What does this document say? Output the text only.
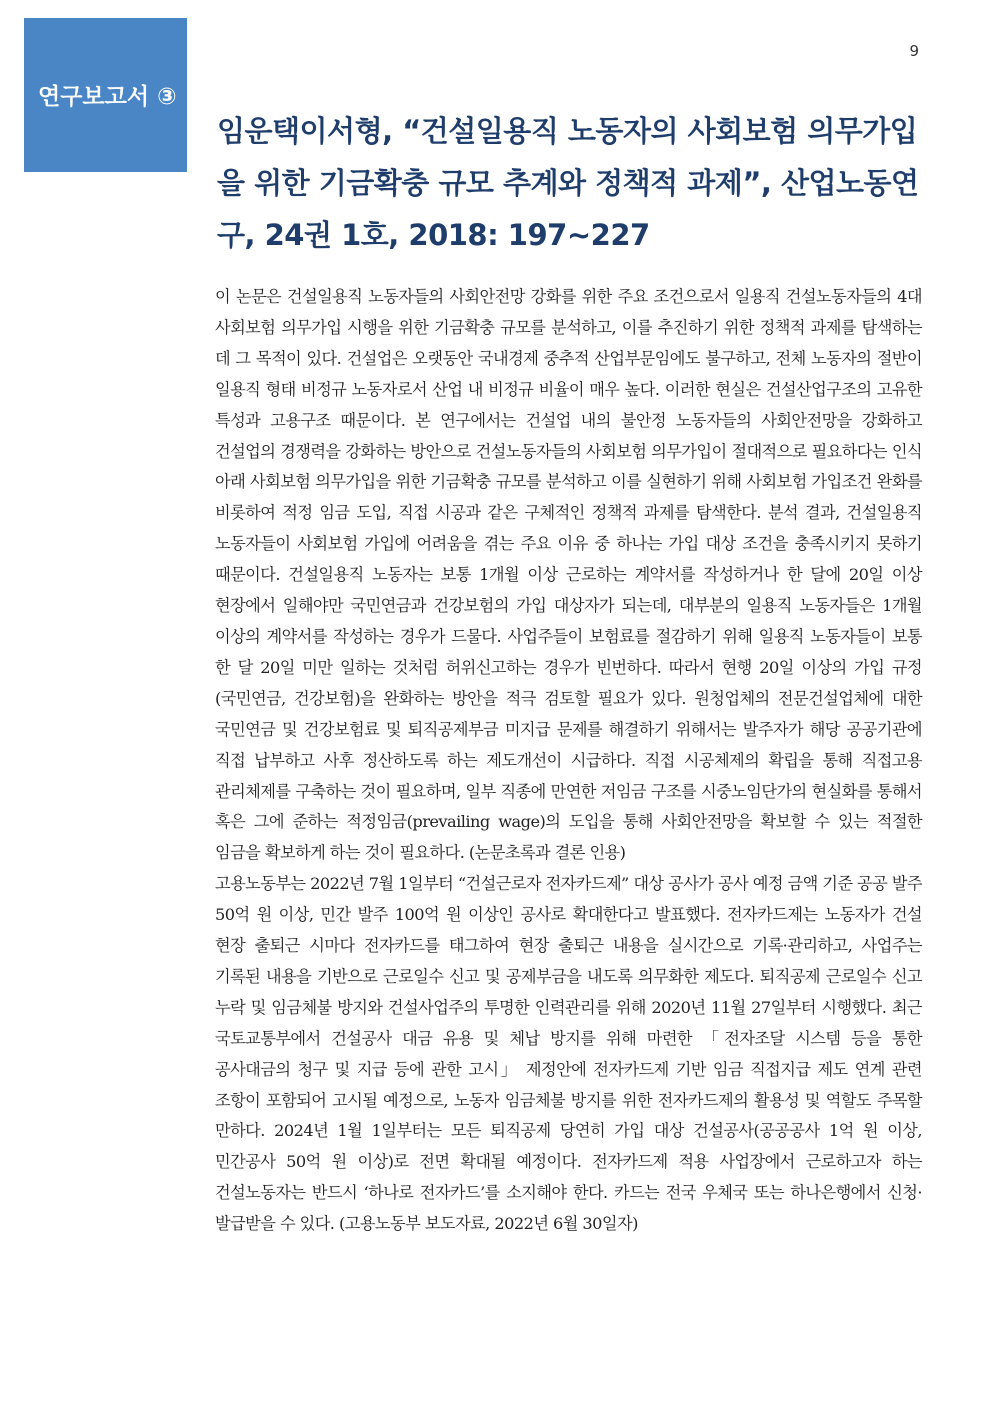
연구보고서 ③
9
임운택이서형, “건설일용직 노동자의 사회보험 의무가입을 위한 기금확충 규모 추계와 정책적 과제”, 산업노동연구, 24권 1호, 2018: 197~227

이 논문은 건설일용직 노동자들의 사회안전망 강화를 위한 주요 조건으로서 일용직 건설노동자들의 4대 사회보험 의무가입 시행을 위한 기금확충 규모를 분석하고, 이를 추진하기 위한 정책적 과제를 탐색하는 데 그 목적이 있다. 건설업은 오랫동안 국내경제 중추적 산업부문임에도 불구하고, 전체 노동자의 절반이 일용직 형태 비정규 노동자로서 산업 내 비정규 비율이 매우 높다. 이러한 현실은 건설산업구조의 고유한 특성과 고용구조 때문이다. 본 연구에서는 건설업 내의 불안정 노동자들의 사회안전망을 강화하고 건설업의 경쟁력을 강화하는 방안으로 건설노동자들의 사회보험 의무가입이 절대적으로 필요하다는 인식 아래 사회보험 의무가입을 위한 기금확충 규모를 분석하고 이를 실현하기 위해 사회보험 가입조건 완화를 비롯하여 적정 임금 도입, 직접 시공과 같은 구체적인 정책적 과제를 탐색한다. 분석 결과, 건설일용직 노동자들이 사회보험 가입에 어려움을 겪는 주요 이유 중 하나는 가입 대상 조건을 충족시키지 못하기 때문이다. 건설일용직 노동자는 보통 1개월 이상 근로하는 계약서를 작성하거나 한 달에 20일 이상 현장에서 일해야만 국민연금과 건강보험의 가입 대상자가 되는데, 대부분의 일용직 노동자들은 1개월 이상의 계약서를 작성하는 경우가 드물다. 사업주들이 보험료를 절감하기 위해 일용직 노동자들이 보통 한 달 20일 미만 일하는 것처럼 허위신고하는 경우가 빈번하다. 따라서 현행 20일 이상의 가입 규정(국민연금, 건강보험)을 완화하는 방안을 적극 검토할 필요가 있다. 원청업체의 전문건설업체에 대한 국민연금 및 건강보험료 및 퇴직공제부금 미지급 문제를 해결하기 위해서는 발주자가 해당 공공기관에 직접 납부하고 사후 정산하도록 하는 제도개선이 시급하다. 직접 시공체제의 확립을 통해 직접고용 관리체제를 구축하는 것이 필요하며, 일부 직종에 만연한 저임금 구조를 시중노임단가의 현실화를 통해서 혹은 그에 준하는 적정임금(prevailing wage)의 도입을 통해 사회안전망을 확보할 수 있는 적절한 임금을 확보하게 하는 것이 필요하다. (논문초록과 결론 인용)

고용노동부는 2022년 7월 1일부터 “건설근로자 전자카드제” 대상 공사가 공사 예정 금액 기준 공공 발주 50억 원 이상, 민간 발주 100억 원 이상인 공사로 확대한다고 발표했다. 전자카드제는 노동자가 건설 현장 출퇴근 시마다 전자카드를 태그하여 현장 출퇴근 내용을 실시간으로 기록·관리하고, 사업주는 기록된 내용을 기반으로 근로일수 신고 및 공제부금을 내도록 의무화한 제도다. 퇴직공제 근로일수 신고 누락 및 임금체불 방지와 건설사업주의 투명한 인력관리를 위해 2020년 11월 27일부터 시행했다. 최근 국토교통부에서 건설공사 대금 유용 및 체납 방지를 위해 마련한 「전자조달 시스템 등을 통한 공사대금의 청구 및 지급 등에 관한 고시」 제정안에 전자카드제 기반 임금 직접지급 제도 연계 관련 조항이 포함되어 고시될 예정으로, 노동자 임금체불 방지를 위한 전자카드제의 활용성 및 역할도 주목할 만하다. 2024년 1월 1일부터는 모든 퇴직공제 당연히 가입 대상 건설공사(공공공사 1억 원 이상, 민간공사 50억 원 이상)로 전면 확대될 예정이다. 전자카드제 적용 사업장에서 근로하고자 하는 건설노동자는 반드시 ‘하나로 전자카드’를 소지해야 한다. 카드는 전국 우체국 또는 하나은행에서 신청·발급받을 수 있다. (고용노동부 보도자료, 2022년 6월 30일자)
